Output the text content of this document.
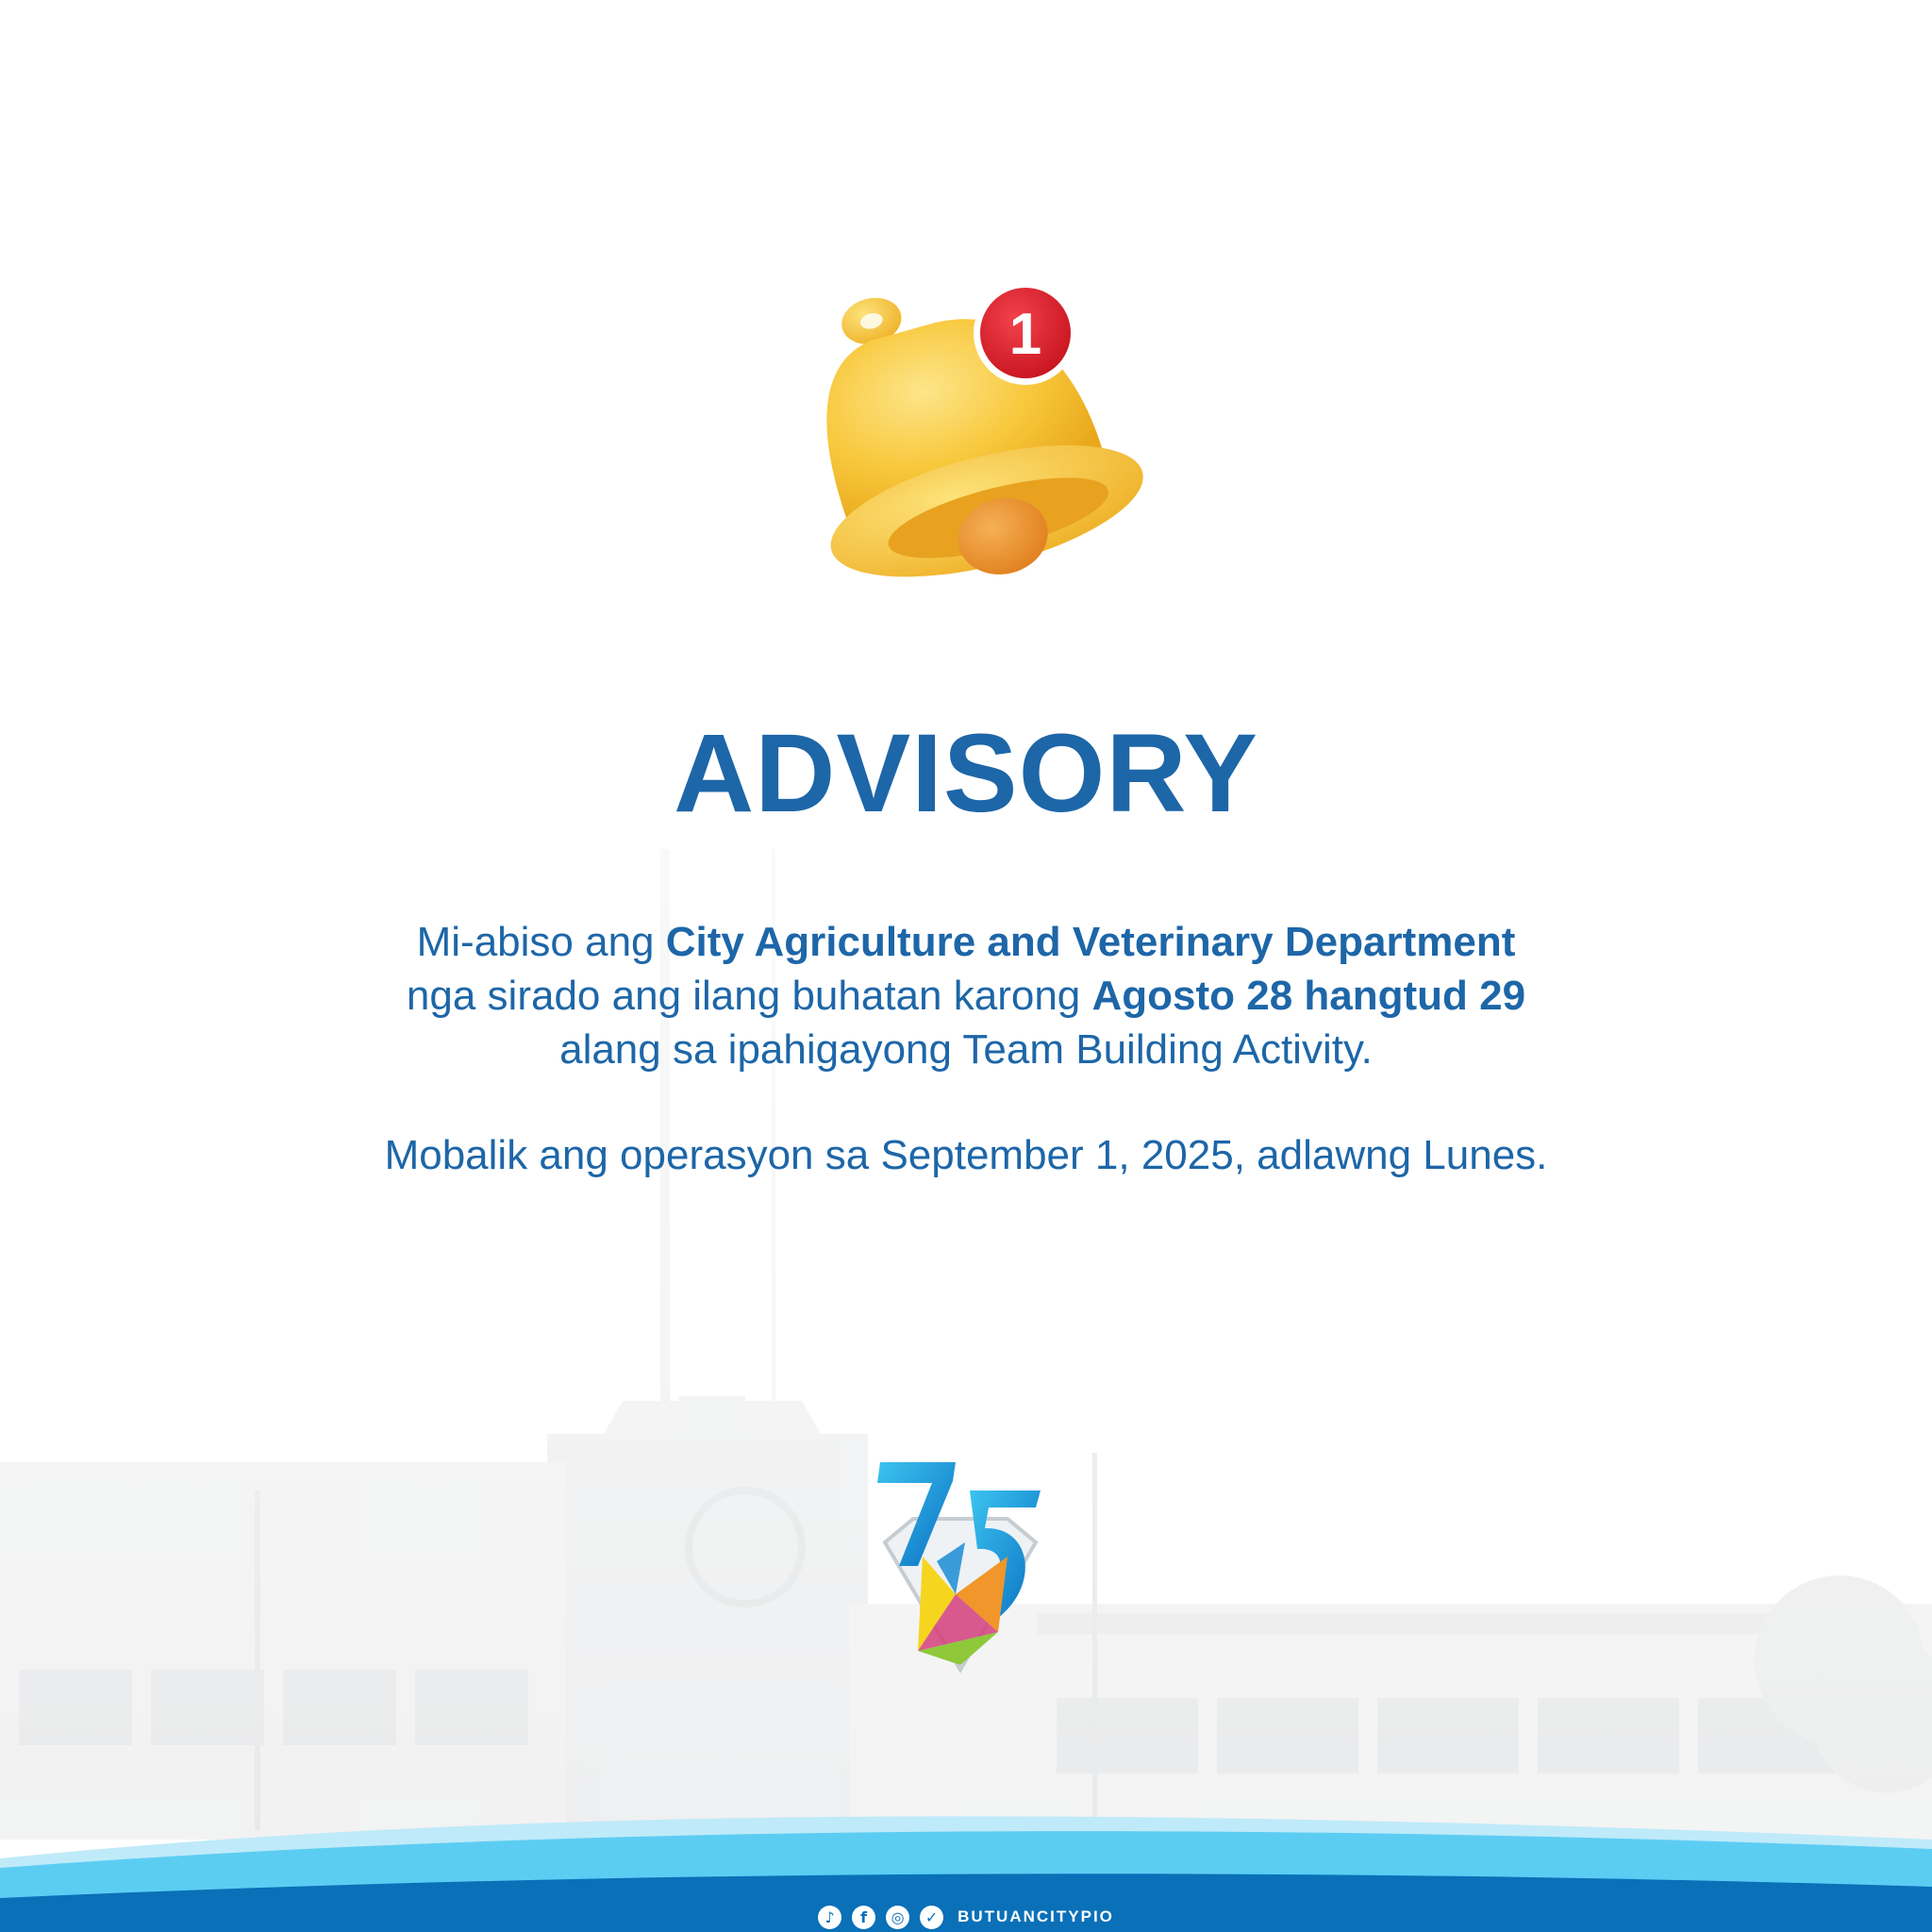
1
ADVISORY
Mi-abiso ang City Agriculture and Veterinary Department
nga sirado ang ilang buhatan karong Agosto 28 hangtud 29
alang sa ipahigayong Team Building Activity.
Mobalik ang operasyon sa September 1, 2025, adlawng Lunes.
♪	f	◎	✓	BUTUANCITYPIO
